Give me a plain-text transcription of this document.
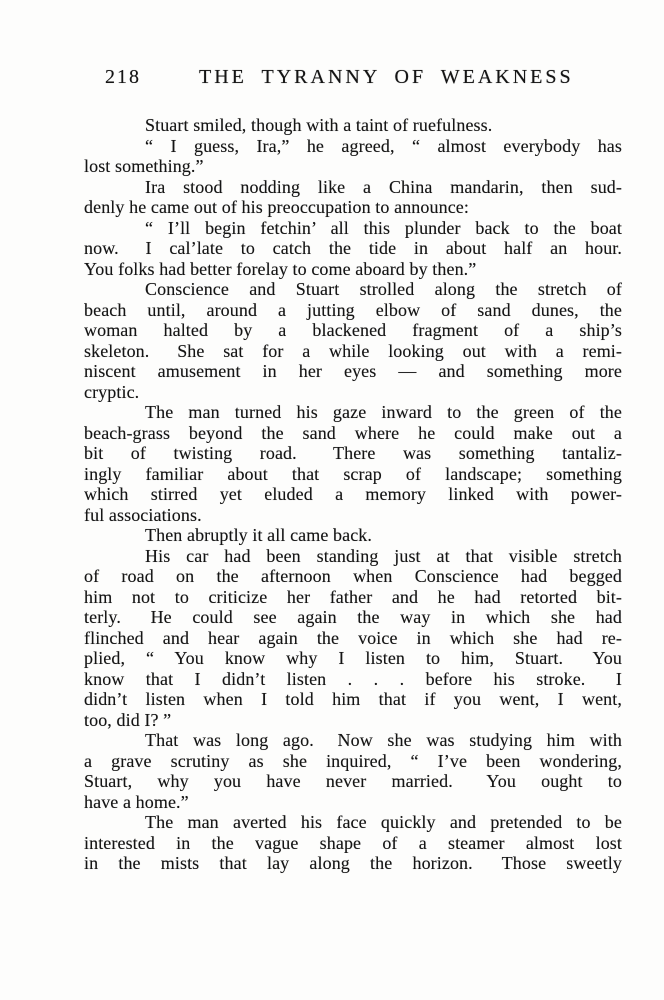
218	THE TYRANNY OF WEAKNESS
Stuart smiled, though with a taint of ruefulness.
“ I guess, Ira,” he agreed, “ almost everybody has
lost something.”
Ira stood nodding like a China mandarin, then sud-
denly he came out of his preoccupation to announce:
“ I’ll begin fetchin’ all this plunder back to the boat
now.  I cal’late to catch the tide in about half an hour.
You folks had better forelay to come aboard by then.”
Conscience and Stuart strolled along the stretch of
beach until, around a jutting elbow of sand dunes, the
woman halted by a blackened fragment of a ship’s
skeleton.  She sat for a while looking out with a remi-
niscent amusement in her eyes — and something more
cryptic.
The man turned his gaze inward to the green of the
beach-grass beyond the sand where he could make out a
bit of twisting road.  There was something tantaliz-
ingly familiar about that scrap of landscape; something
which stirred yet eluded a memory linked with power-
ful associations.
Then abruptly it all came back.
His car had been standing just at that visible stretch
of road on the afternoon when Conscience had begged
him not to criticize her father and he had retorted bit-
terly.  He could see again the way in which she had
flinched and hear again the voice in which she had re-
plied, “ You know why I listen to him, Stuart.  You
know that I didn’t listen . . . before his stroke.  I
didn’t listen when I told him that if you went, I went,
too, did I? ”
That was long ago.  Now she was studying him with
a grave scrutiny as she inquired, “ I’ve been wondering,
Stuart, why you have never married.  You ought to
have a home.”
The man averted his face quickly and pretended to be
interested in the vague shape of a steamer almost lost
in the mists that lay along the horizon.  Those sweetly
